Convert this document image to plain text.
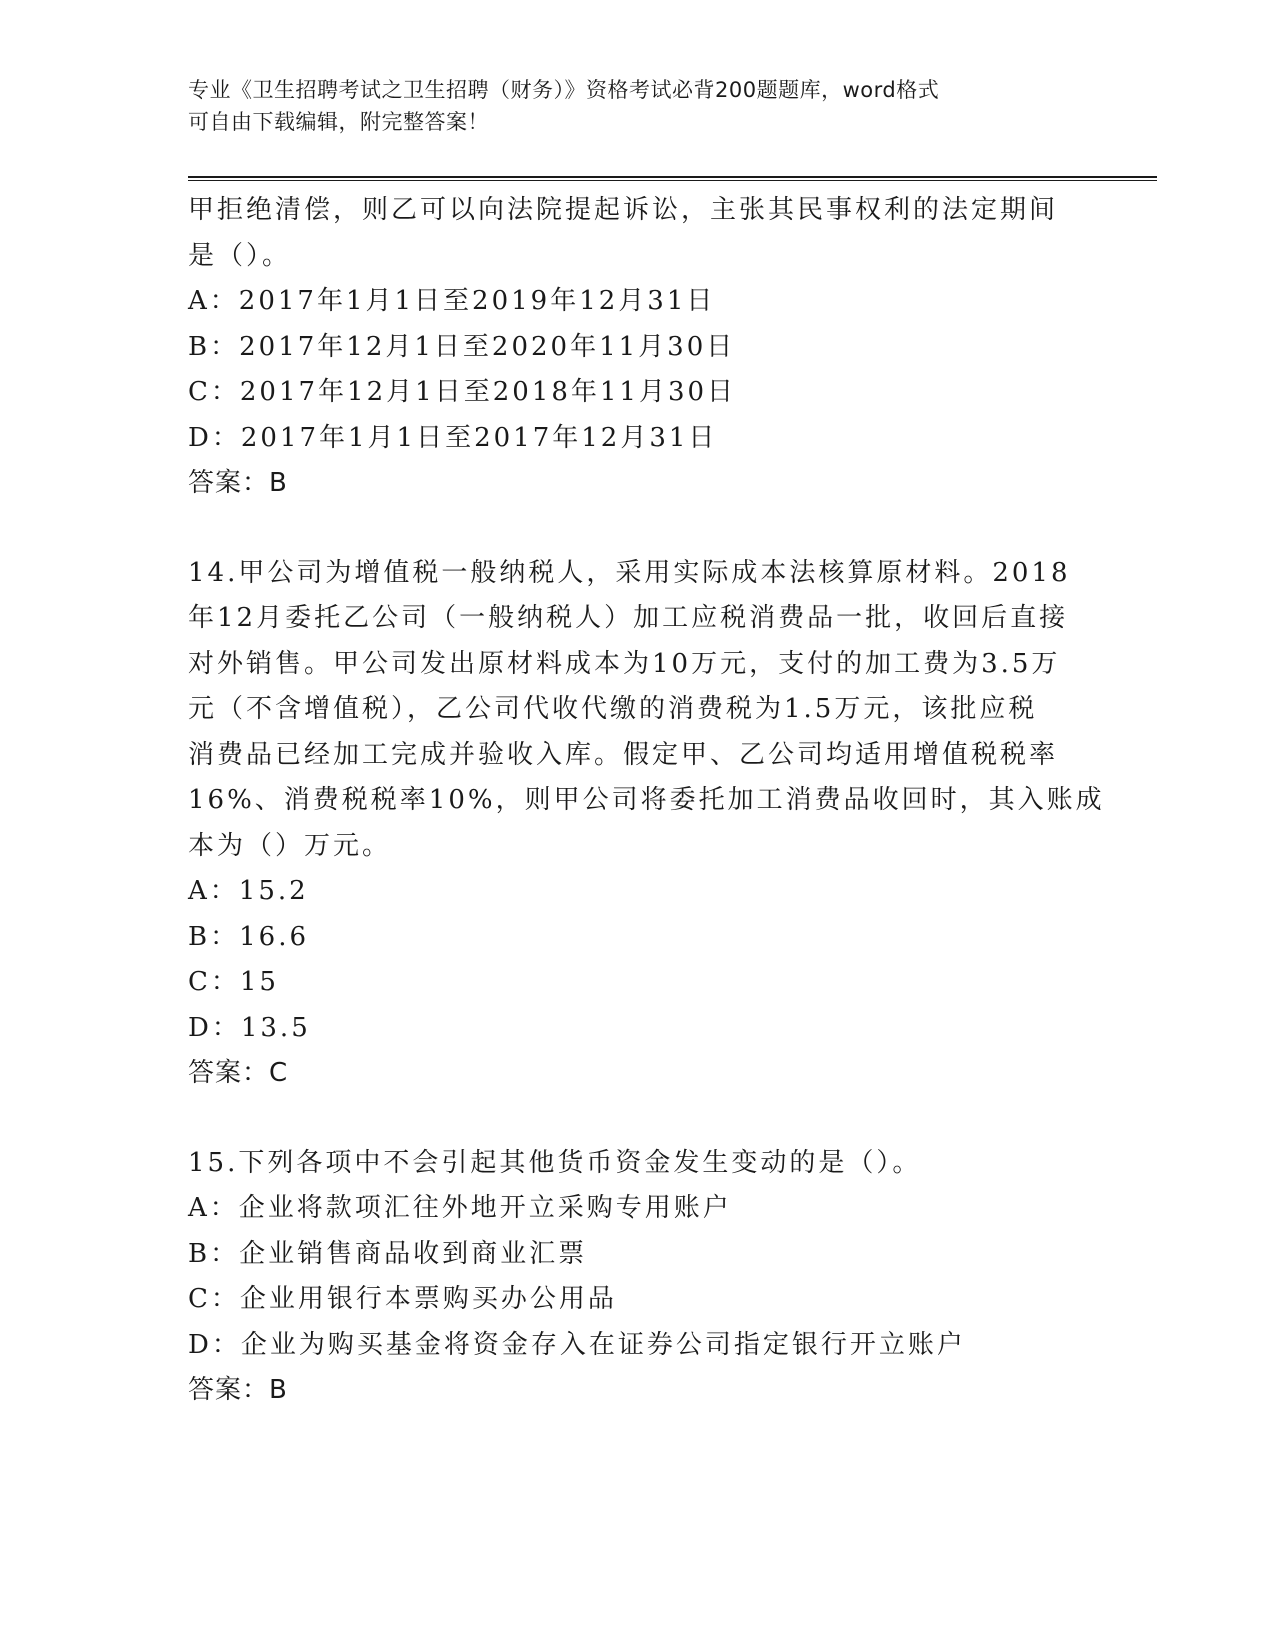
专业《卫生招聘考试之卫生招聘（财务）》资格考试必背200题题库，word格式
可自由下载编辑，附完整答案！
甲拒绝清偿，则乙可以向法院提起诉讼，主张其民事权利的法定期间
是（）。
A：2017年1月1日至2019年12月31日
B：2017年12月1日至2020年11月30日
C：2017年12月1日至2018年11月30日
D：2017年1月1日至2017年12月31日
答案：B
14.甲公司为增值税一般纳税人，采用实际成本法核算原材料。2018
年12月委托乙公司（一般纳税人）加工应税消费品一批，收回后直接
对外销售。甲公司发出原材料成本为10万元，支付的加工费为3.5万
元（不含增值税），乙公司代收代缴的消费税为1.5万元，该批应税
消费品已经加工完成并验收入库。假定甲、乙公司均适用增值税税率
16%、消费税税率10%，则甲公司将委托加工消费品收回时，其入账成
本为（）万元。
A：15.2
B：16.6
C：15
D：13.5
答案：C
15.下列各项中不会引起其他货币资金发生变动的是（）。
A：企业将款项汇往外地开立采购专用账户
B：企业销售商品收到商业汇票
C：企业用银行本票购买办公用品
D：企业为购买基金将资金存入在证券公司指定银行开立账户
答案：B
